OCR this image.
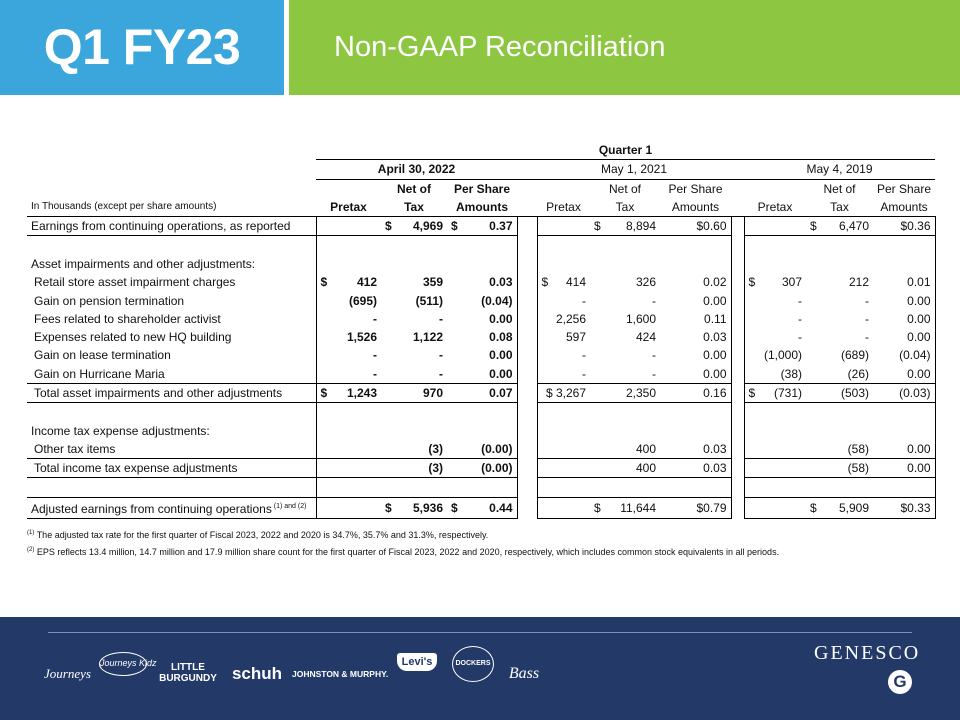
Q1 FY23	Non-GAAP Reconciliation
	Quarter 1										
	April 30, 2022				May 1, 2021				May 4, 2019		
		Net of	Per Share			Net of	Per Share			Net of	Per Share
In Thousands (except per share amounts)	Pretax	Tax	Amounts		Pretax	Tax	Amounts		Pretax	Tax	Amounts
Earnings from continuing operations, as reported		$ 4,969	$ 0.37			$ 8,894	$0.60			$ 6,470	$0.36

Asset impairments and other adjustments:											
Retail store asset impairment charges	$ 412	359	0.03		$ 414	326	0.02		$ 307	212	0.01
Gain on pension termination	(695)	(511)	(0.04)		-	-	0.00		-	-	0.00
Fees related to shareholder activist	-	-	0.00		2,256	1,600	0.11		-	-	0.00
Expenses related to new HQ building	1,526	1,122	0.08		597	424	0.03		-	-	0.00
Gain on lease termination	-	-	0.00		-	-	0.00		(1,000)	(689)	(0.04)
Gain on Hurricane Maria	-	-	0.00		-	-	0.00		(38)	(26)	0.00
Total asset impairments and other adjustments	$ 1,243	970	0.07		$ 3,267	2,350	0.16		$ (731)	(503)	(0.03)

Income tax expense adjustments:											
Other tax items		(3)	(0.00)			400	0.03			(58)	0.00
Total income tax expense adjustments		(3)	(0.00)			400	0.03			(58)	0.00

Adjusted earnings from continuing operations $^{(1) and (2)}$		$ 5,936	$ 0.44			$ 11,644	$0.79			$ 5,909	$0.33
$^{(1)}$ The adjusted tax rate for the first quarter of Fiscal 2023, 2022 and 2020 is 34.7%, 35.7% and 31.3%, respectively.
$^{(2)}$ EPS reflects 13.4 million, 14.7 million and 17.9 million share count for the first quarter of Fiscal 2023, 2022 and 2020, respectively, which includes common stock equivalents in all periods.
Journeys
Journeys Kidz	LITTLE BURGUNDY schuh JOHNSTON & MURPHY.
Levi's	DOCKERS
Bass
GENESCO
G
